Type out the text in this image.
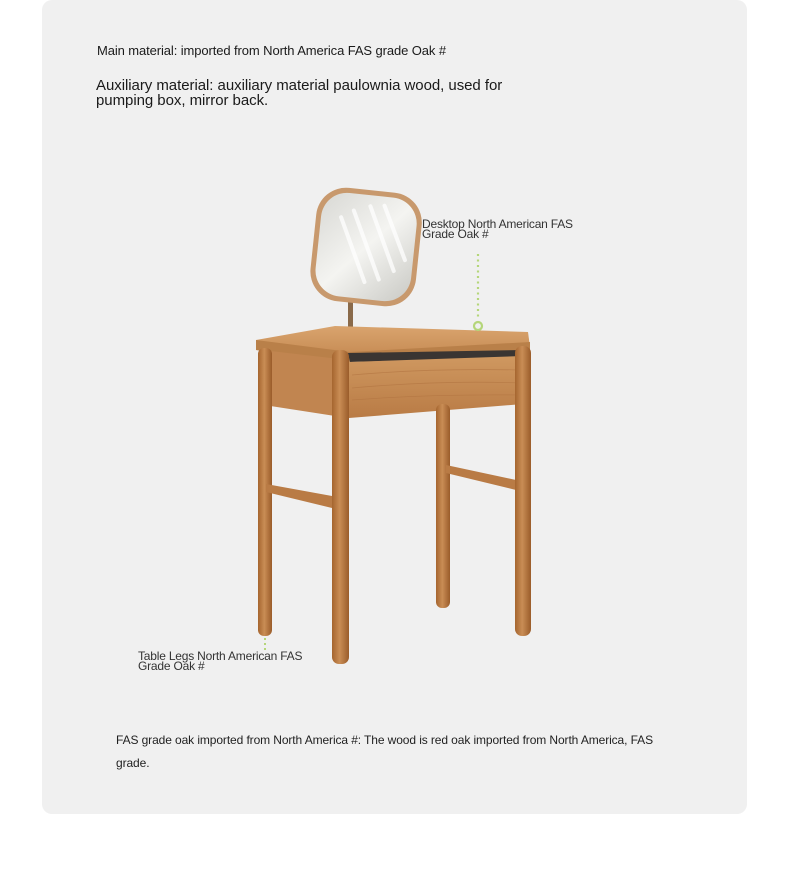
Main material: imported from North America FAS grade Oak #

Auxiliary material: auxiliary material paulownia wood, used for pumping box, mirror back.

Desktop North American FAS Grade Oak #
Table Legs North American FAS Grade Oak #

FAS grade oak imported from North America #: The wood is red oak imported from North America, FAS grade.
